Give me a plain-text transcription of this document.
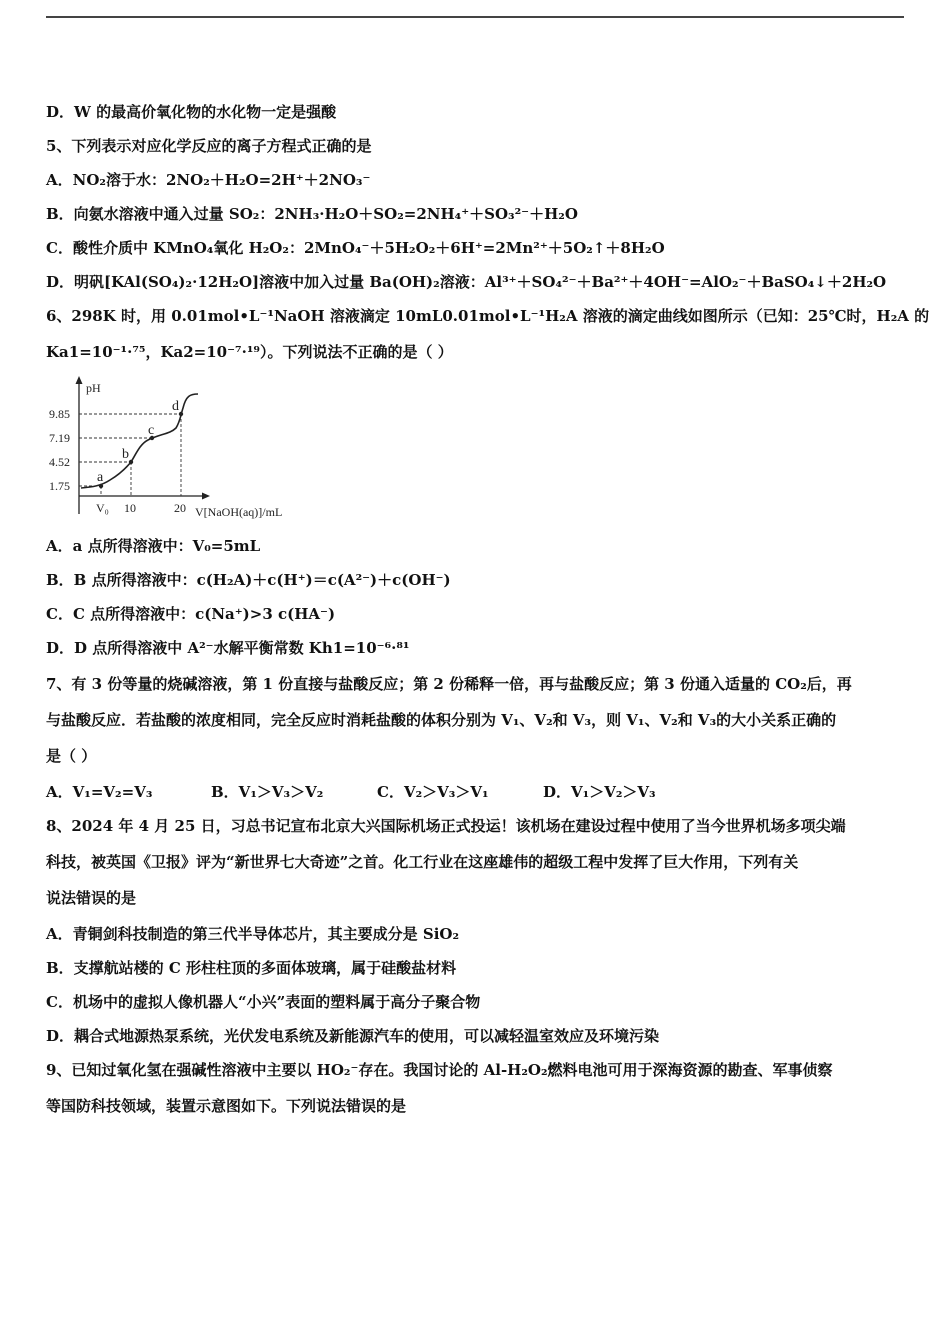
D．W 的最高价氧化物的水化物一定是强酸
5、下列表示对应化学反应的离子方程式正确的是
A．NO₂溶于水：2NO₂＋H₂O=2H⁺＋2NO₃⁻
B．向氨水溶液中通入过量 SO₂：2NH₃·H₂O＋SO₂=2NH₄⁺＋SO₃²⁻＋H₂O
C．酸性介质中 KMnO₄氧化 H₂O₂：2MnO₄⁻＋5H₂O₂＋6H⁺=2Mn²⁺＋5O₂↑＋8H₂O
D．明矾[KAl(SO₄)₂·12H₂O]溶液中加入过量 Ba(OH)₂溶液：Al³⁺＋SO₄²⁻＋Ba²⁺＋4OH⁻=AlO₂⁻＋BaSO₄↓＋2H₂O
6、298K 时，用 0.01mol•L⁻¹NaOH 溶液滴定 10mL0.01mol•L⁻¹H₂A 溶液的滴定曲线如图所示（已知：25℃时，H₂A 的
Ka1=10⁻¹·⁷⁵，Ka2=10⁻⁷·¹⁹）。下列说法不正确的是（ ）
a
b
c
d
pH
9.85
7.19
4.52
1.75
V₀ 10	20 V[NaOH(aq)]/mL
A．a 点所得溶液中：V₀=5mL
B．B 点所得溶液中：c(H₂A)＋c(H⁺)＝c(A²⁻)＋c(OH⁻)
C．C 点所得溶液中：c(Na⁺)>3 c(HA⁻)
D．D 点所得溶液中 A²⁻水解平衡常数 Kh1=10⁻⁶·⁸¹
7、有 3 份等量的烧碱溶液，第 1 份直接与盐酸反应；第 2 份稀释一倍，再与盐酸反应；第 3 份通入适量的 CO₂后，再
与盐酸反应．若盐酸的浓度相同，完全反应时消耗盐酸的体积分别为 V₁、V₂和 V₃，则 V₁、V₂和 V₃的大小关系正确的
是（ ）
A．V₁=V₂=V₃	B．V₁＞V₃＞V₂	C．V₂＞V₃＞V₁	D．V₁＞V₂＞V₃
8、2024 年 4 月 25 日，习总书记宣布北京大兴国际机场正式投运！该机场在建设过程中使用了当今世界机场多项尖端
科技，被英国《卫报》评为“新世界七大奇迹”之首。化工行业在这座雄伟的超级工程中发挥了巨大作用，下列有关
说法错误的是
A．青铜剑科技制造的第三代半导体芯片，其主要成分是 SiO₂
B．支撑航站楼的 C 形柱柱顶的多面体玻璃，属于硅酸盐材料
C．机场中的虚拟人像机器人“小兴”表面的塑料属于高分子聚合物
D．耦合式地源热泵系统，光伏发电系统及新能源汽车的使用，可以减轻温室效应及环境污染
9、已知过氧化氢在强碱性溶液中主要以 HO₂⁻存在。我国讨论的 Al-H₂O₂燃料电池可用于深海资源的勘查、军事侦察
等国防科技领域，装置示意图如下。下列说法错误的是
